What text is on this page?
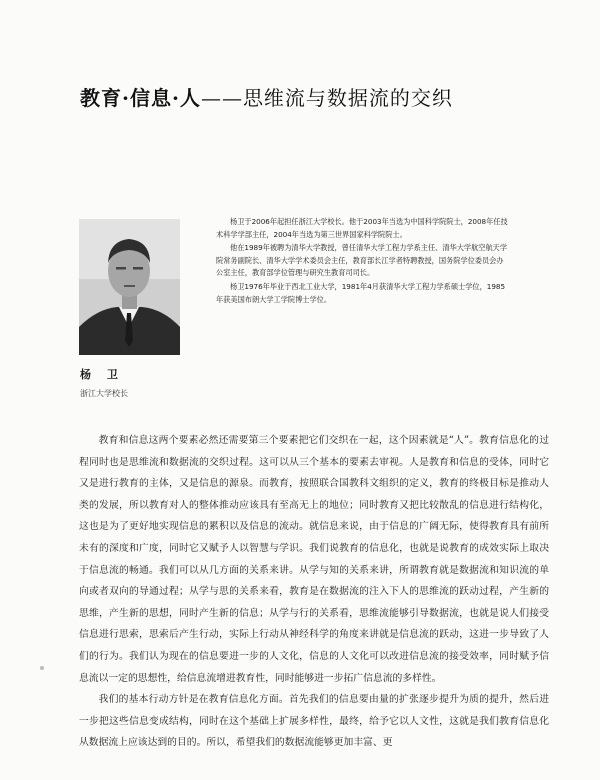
教育·信息·人——思维流与数据流的交织

杨卫于2006年起担任浙江大学校长。他于2003年当选为中国科学院院士，2008年任技术科学学部主任，2004年当选为第三世界国家科学院院士。

他在1989年被聘为清华大学教授，曾任清华大学工程力学系主任、清华大学航空航天学院常务副院长、清华大学学术委员会主任，教育部长江学者特聘教授，国务院学位委员会办公室主任，教育部学位管理与研究生教育司司长。

杨卫1976年毕业于西北工业大学，1981年4月获清华大学工程力学系硕士学位，1985年获美国布朗大学工学院博士学位。

杨 卫
浙江大学校长

教育和信息这两个要素必然还需要第三个要素把它们交织在一起，这个因素就是“人”。教育信息化的过程同时也是思维流和数据流的交织过程。这可以从三个基本的要素去审视。人是教育和信息的受体，同时它又是进行教育的主体，又是信息的源泉。而教育，按照联合国教科文组织的定义，教育的终极目标是推动人类的发展，所以教育对人的整体推动应该具有至高无上的地位；同时教育又把比较散乱的信息进行结构化，这也是为了更好地实现信息的累积以及信息的流动。就信息来说，由于信息的广阔无际，使得教育具有前所未有的深度和广度，同时它又赋予人以智慧与学识。我们说教育的信息化，也就是说教育的成效实际上取决于信息流的畅通。我们可以从几方面的关系来讲。从学与知的关系来讲，所谓教育就是数据流和知识流的单向或者双向的导通过程；从学与思的关系来看，教育是在数据流的注入下人的思维流的跃动过程，产生新的思维，产生新的思想，同时产生新的信息；从学与行的关系看，思维流能够引导数据流，也就是说人们接受信息进行思索，思索后产生行动，实际上行动从神经科学的角度来讲就是信息流的跃动，这进一步导致了人们的行为。我们认为现在的信息要进一步的人文化，信息的人文化可以改进信息流的接受效率，同时赋予信息流以一定的思想性，给信息流增进教育性，同时能够进一步拓广信息流的多样性。

我们的基本行动方针是在教育信息化方面。首先我们的信息要由量的扩张逐步提升为质的提升，然后进一步把这些信息变成结构，同时在这个基础上扩展多样性，最终，给予它以人文性，这就是我们教育信息化从数据流上应该达到的目的。所以，希望我们的数据流能够更加丰富、更
